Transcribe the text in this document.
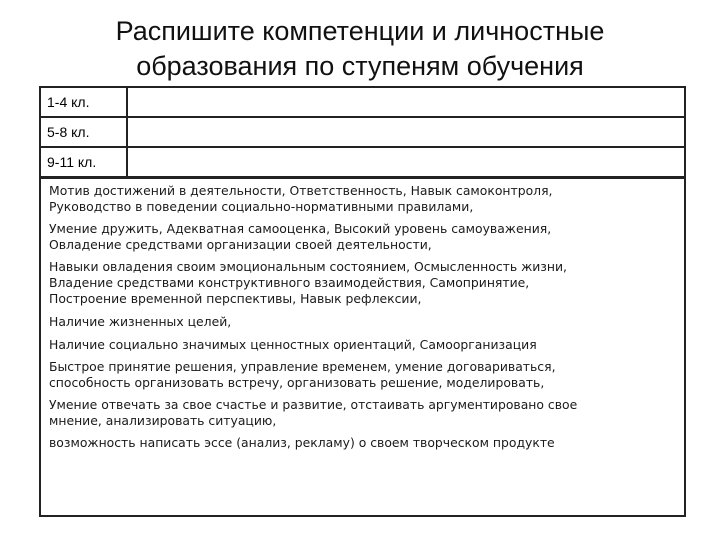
Распишите компетенции и личностные
образования по ступеням обучения
1-4 кл.
5-8 кл.
9-11 кл.

Мотив достижений в деятельности, Ответственность, Навык самоконтроля,

Руководство в поведении социально-нормативными правилами,

Умение дружить, Адекватная самооценка, Высокий уровень самоуважения,

Овладение средствами организации своей деятельности,

Навыки овладения своим эмоциональным состоянием, Осмысленность жизни,

Владение средствами конструктивного взаимодействия, Самопринятие,

Построение временной перспективы, Навык рефлексии,

Наличие жизненных целей,

Наличие социально значимых ценностных ориентаций, Самоорганизация

Быстрое принятие решения, управление временем, умение договариваться,

способность организовать встречу, организовать решение, моделировать,

Умение отвечать за свое счастье и развитие, отстаивать аргументировано свое

мнение, анализировать ситуацию,

возможность написать эссе (анализ, рекламу) о своем творческом продукте
